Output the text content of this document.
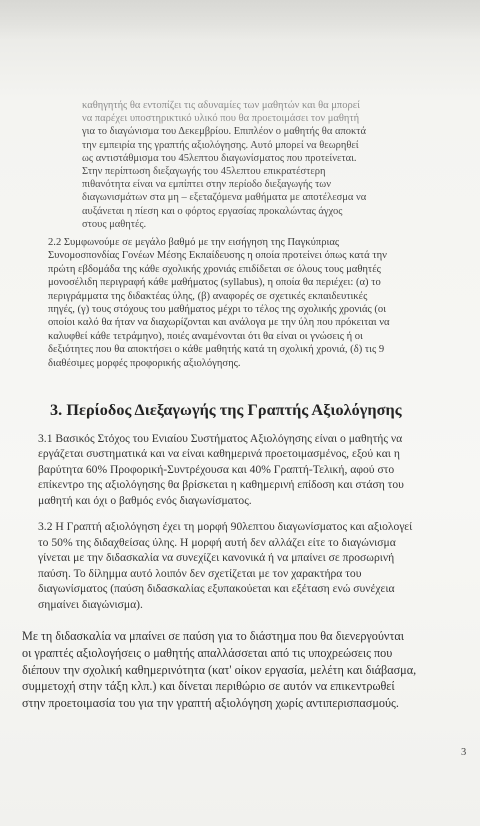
καθηγητής θα εντοπίζει τις αδυναμίες των μαθητών και θα μπορεί
να παρέχει υποστηρικτικό υλικό που θα προετοιμάσει τον μαθητή
για το διαγώνισμα του Δεκεμβρίου. Επιπλέον ο μαθητής θα αποκτά
την εμπειρία της γραπτής αξιολόγησης. Αυτό μπορεί να θεωρηθεί
ως αντιστάθμισμα του 45λεπτου διαγωνίσματος που προτείνεται.
Στην περίπτωση διεξαγωγής του 45λεπτου επικρατέστερη
πιθανότητα είναι να εμπίπτει στην περίοδο διεξαγωγής των
διαγωνισμάτων στα μη – εξεταζόμενα μαθήματα με αποτέλεσμα να
αυξάνεται η πίεση και ο φόρτος εργασίας προκαλώντας άγχος
στους μαθητές.
2.2 Συμφωνούμε σε μεγάλο βαθμό με την εισήγηση της Παγκύπριας
Συνομοσπονδίας Γονέων Μέσης Εκπαίδευσης η οποία προτείνει όπως κατά την
πρώτη εβδομάδα της κάθε σχολικής χρονιάς επιδίδεται σε όλους τους μαθητές
μονοσέλιδη περιγραφή κάθε μαθήματος (syllabus), η οποία θα περιέχει: (α) το
περιγράμματα της διδακτέας ύλης, (β) αναφορές σε σχετικές εκπαιδευτικές
πηγές, (γ) τους στόχους του μαθήματος μέχρι το τέλος της σχολικής χρονιάς (οι
οποίοι καλό θα ήταν να διαχωρίζονται και ανάλογα με την ύλη που πρόκειται να
καλυφθεί κάθε τετράμηνο), ποιές αναμένονται ότι θα είναι οι γνώσεις ή οι
δεξιότητες που θα αποκτήσει ο κάθε μαθητής κατά τη σχολική χρονιά, (δ) τις 9
διαθέσιμες μορφές προφορικής αξιολόγησης.
3. Περίοδος Διεξαγωγής της Γραπτής Αξιολόγησης
3.1 Βασικός Στόχος του Ενιαίου Συστήματος Αξιολόγησης είναι ο μαθητής να
εργάζεται συστηματικά και να είναι καθημερινά προετοιμασμένος, εξού και η
βαρύτητα 60% Προφορική-Συντρέχουσα και 40% Γραπτή-Τελική, αφού στο
επίκεντρο της αξιολόγησης θα βρίσκεται η καθημερινή επίδοση και στάση του
μαθητή και όχι ο βαθμός ενός διαγωνίσματος.
3.2 Η Γραπτή αξιολόγηση έχει τη μορφή 90λεπτου διαγωνίσματος και αξιολογεί
το 50% της διδαχθείσας ύλης. Η μορφή αυτή δεν αλλάζει είτε το διαγώνισμα
γίνεται με την διδασκαλία να συνεχίζει κανονικά ή να μπαίνει σε προσωρινή
παύση. Το δίλημμα αυτό λοιπόν δεν σχετίζεται με τον χαρακτήρα του
διαγωνίσματος (παύση διδασκαλίας εξυπακούεται και εξέταση ενώ συνέχεια
σημαίνει διαγώνισμα).
Με τη διδασκαλία να μπαίνει σε παύση για το διάστημα που θα διενεργούνται
οι γραπτές αξιολογήσεις ο μαθητής απαλλάσσεται από τις υποχρεώσεις που
διέπουν την σχολική καθημερινότητα (κατ' οίκον εργασία, μελέτη και διάβασμα,
συμμετοχή στην τάξη κλπ.) και δίνεται περιθώριο σε αυτόν να επικεντρωθεί
στην προετοιμασία του για την γραπτή αξιολόγηση χωρίς αντιπερισπασμούς.
3
